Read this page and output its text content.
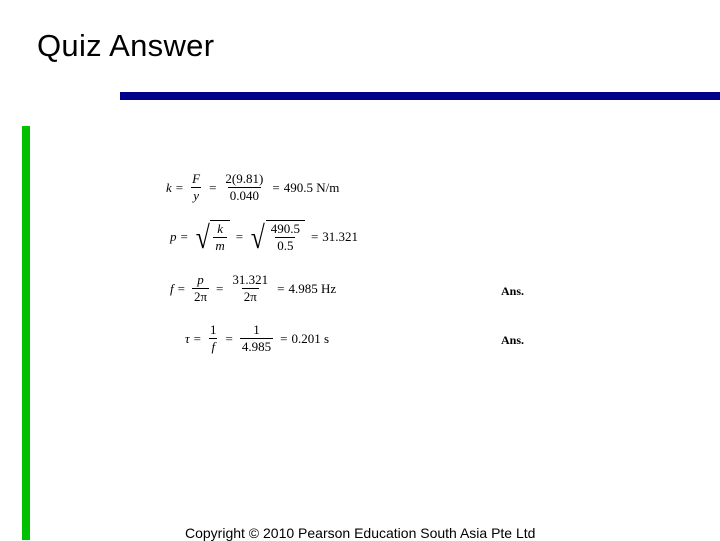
Quiz Answer
$k = \frac{F}{y} = \frac{2(9.81)}{0.040} = 490.5$ N/m
p = √ $\frac{k}{m}$ = √ $\frac{490.5}{0.5} = 31.321$
$f = \frac{p}{2\pi} = \frac{31.321}{2\pi} = 4.985$ Hz	Ans.
$\tau = \frac{1}{f} = \frac{1}{4.985} = 0.201$ s	Ans.
Copyright © 2010 Pearson Education South Asia Pte Ltd
